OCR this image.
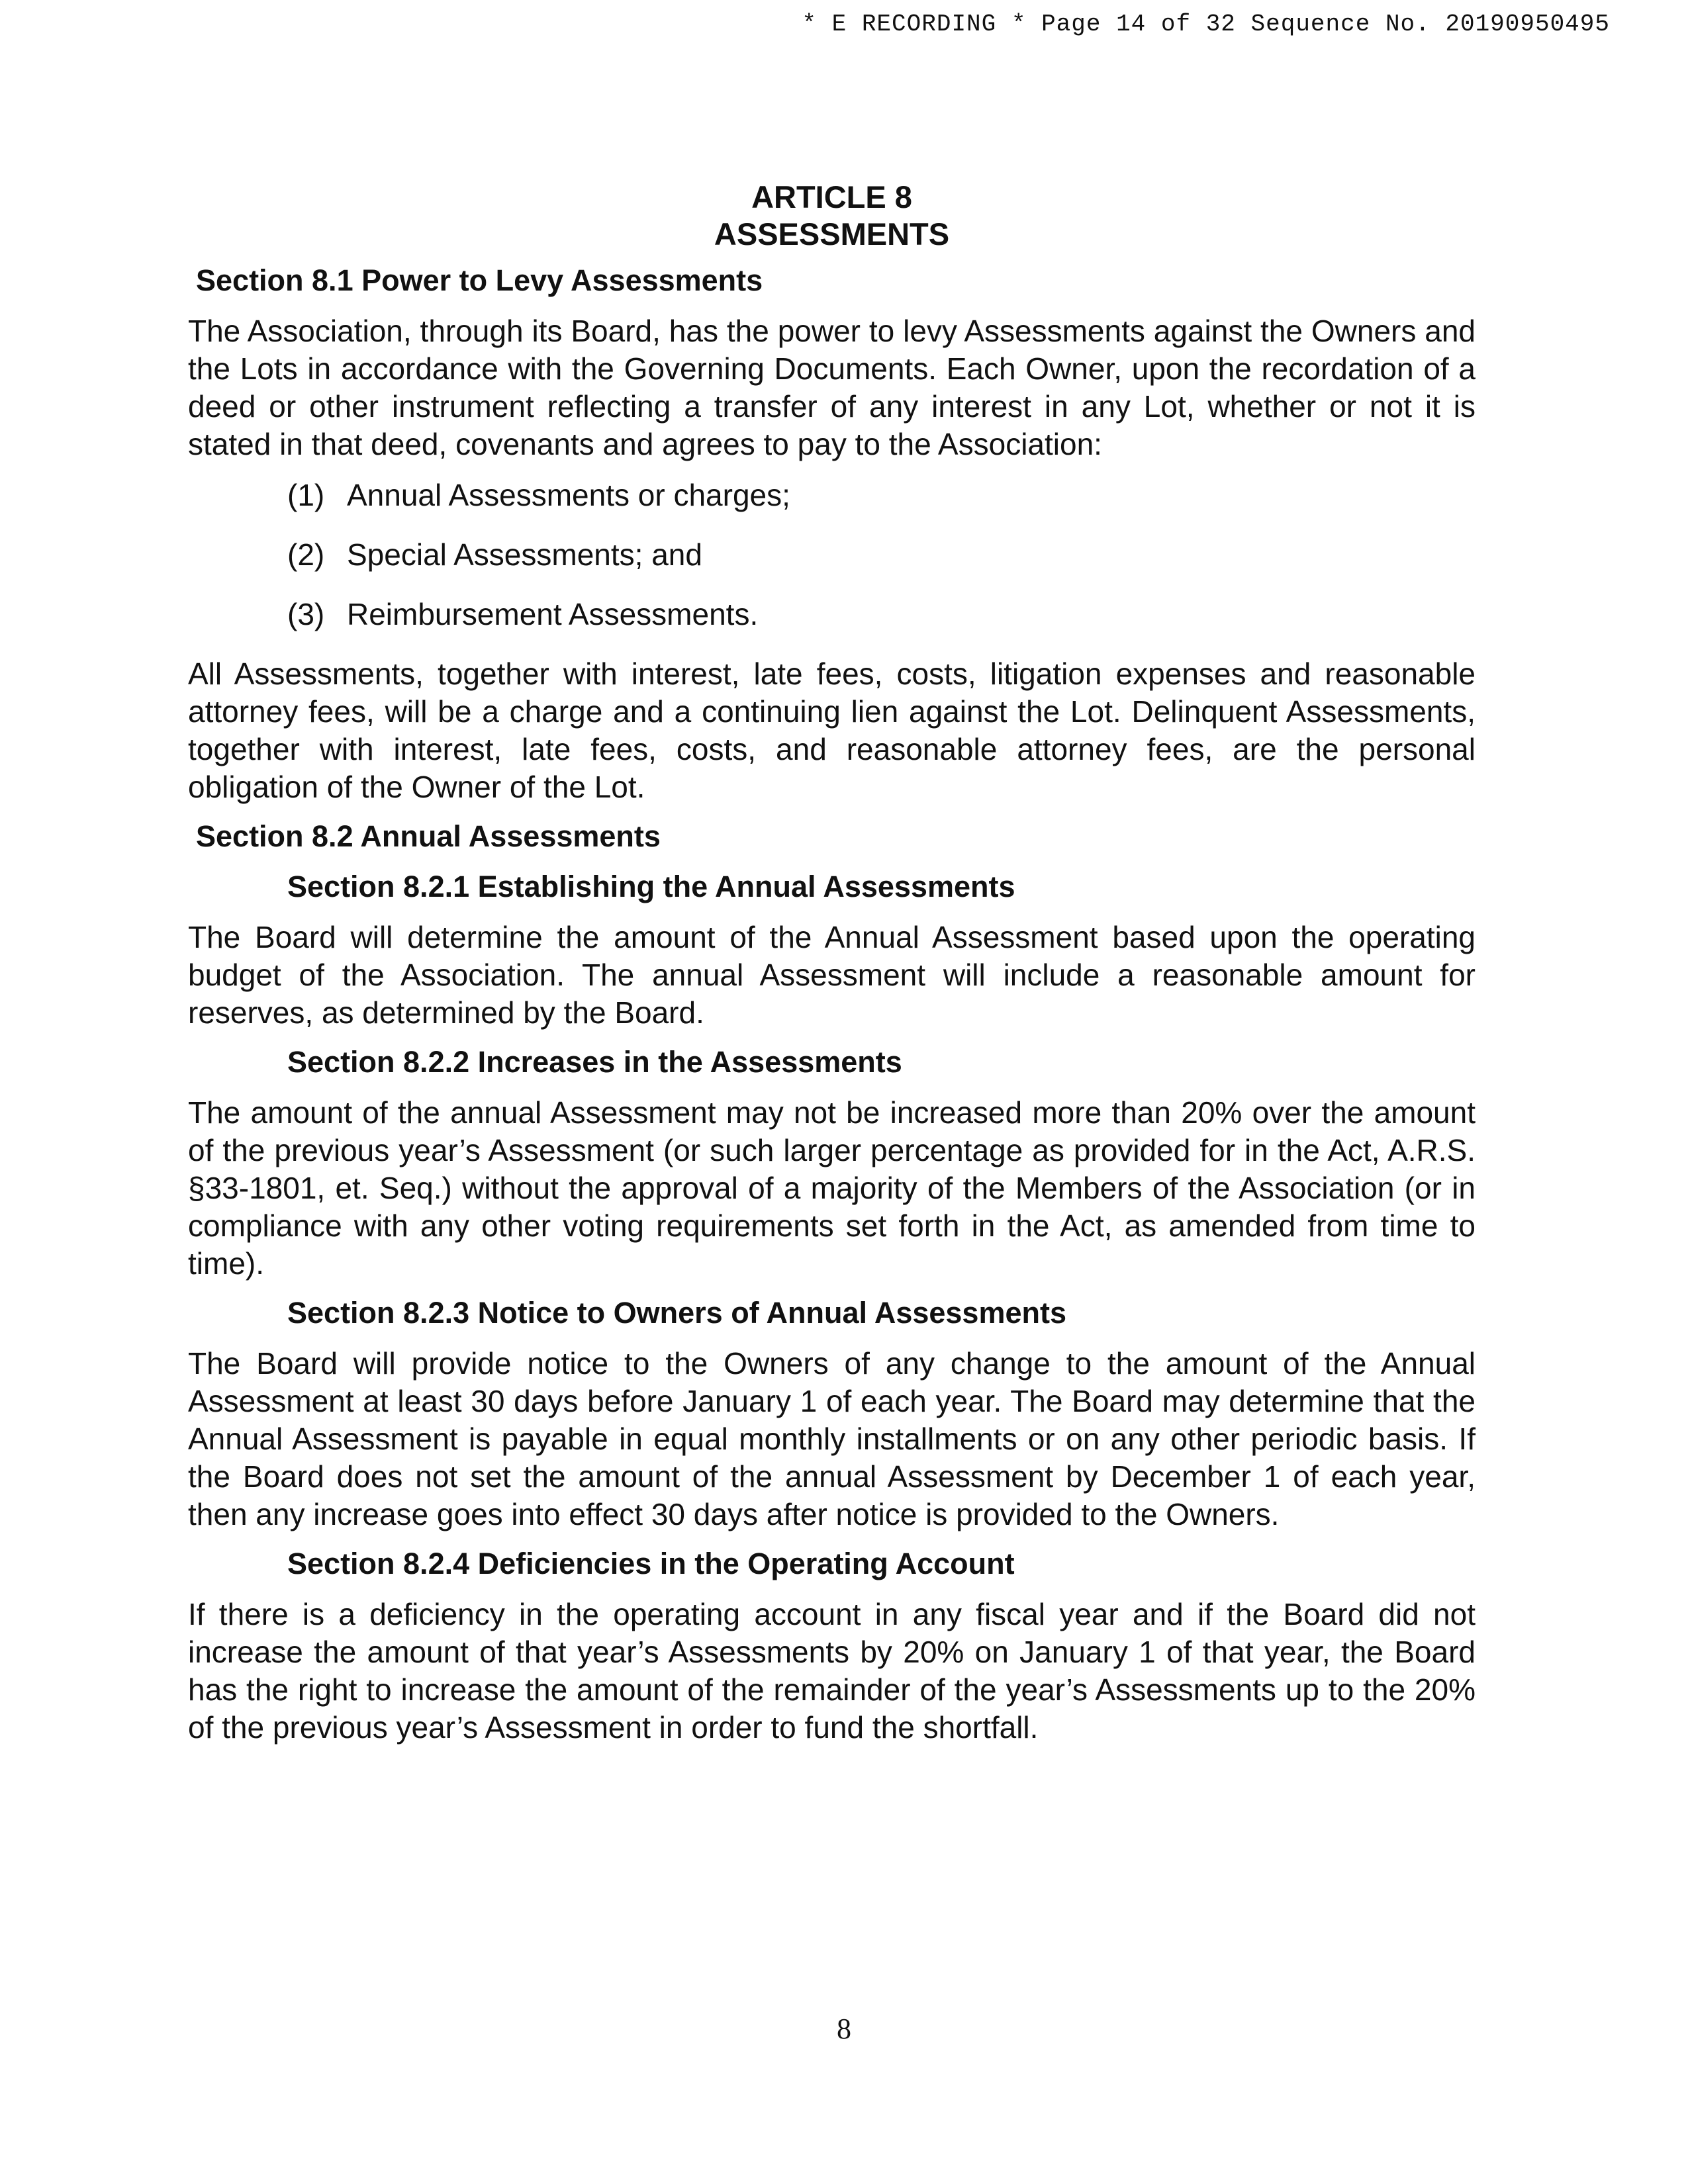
* E RECORDING * Page 14 of 32 Sequence No. 20190950495
ARTICLE 8
ASSESSMENTS
Section 8.1 Power to Levy Assessments

The Association, through its Board, has the power to levy Assessments against the Owners and the Lots in accordance with the Governing Documents. Each Owner, upon the recordation of a deed or other instrument reflecting a transfer of any interest in any Lot, whether or not it is stated in that deed, covenants and agrees to pay to the Association:

(1) Annual Assessments or charges;
(2) Special Assessments; and
(3) Reimbursement Assessments.

All Assessments, together with interest, late fees, costs, litigation expenses and reasonable attorney fees, will be a charge and a continuing lien against the Lot. Delinquent Assessments, together with interest, late fees, costs, and reasonable attorney fees, are the personal obligation of the Owner of the Lot.

Section 8.2 Annual Assessments
Section 8.2.1 Establishing the Annual Assessments

The Board will determine the amount of the Annual Assessment based upon the operating budget of the Association. The annual Assessment will include a reasonable amount for reserves, as determined by the Board.

Section 8.2.2 Increases in the Assessments

The amount of the annual Assessment may not be increased more than 20% over the amount of the previous year’s Assessment (or such larger percentage as provided for in the Act, A.R.S. §33-1801, et. Seq.) without the approval of a majority of the Members of the Association (or in compliance with any other voting requirements set forth in the Act, as amended from time to time).

Section 8.2.3 Notice to Owners of Annual Assessments

The Board will provide notice to the Owners of any change to the amount of the Annual Assessment at least 30 days before January 1 of each year. The Board may determine that the Annual Assessment is payable in equal monthly installments or on any other periodic basis. If the Board does not set the amount of the annual Assessment by December 1 of each year, then any increase goes into effect 30 days after notice is provided to the Owners.

Section 8.2.4 Deficiencies in the Operating Account

If there is a deficiency in the operating account in any fiscal year and if the Board did not increase the amount of that year’s Assessments by 20% on January 1 of that year, the Board has the right to increase the amount of the remainder of the year’s Assessments up to the 20% of the previous year’s Assessment in order to fund the shortfall.

8
